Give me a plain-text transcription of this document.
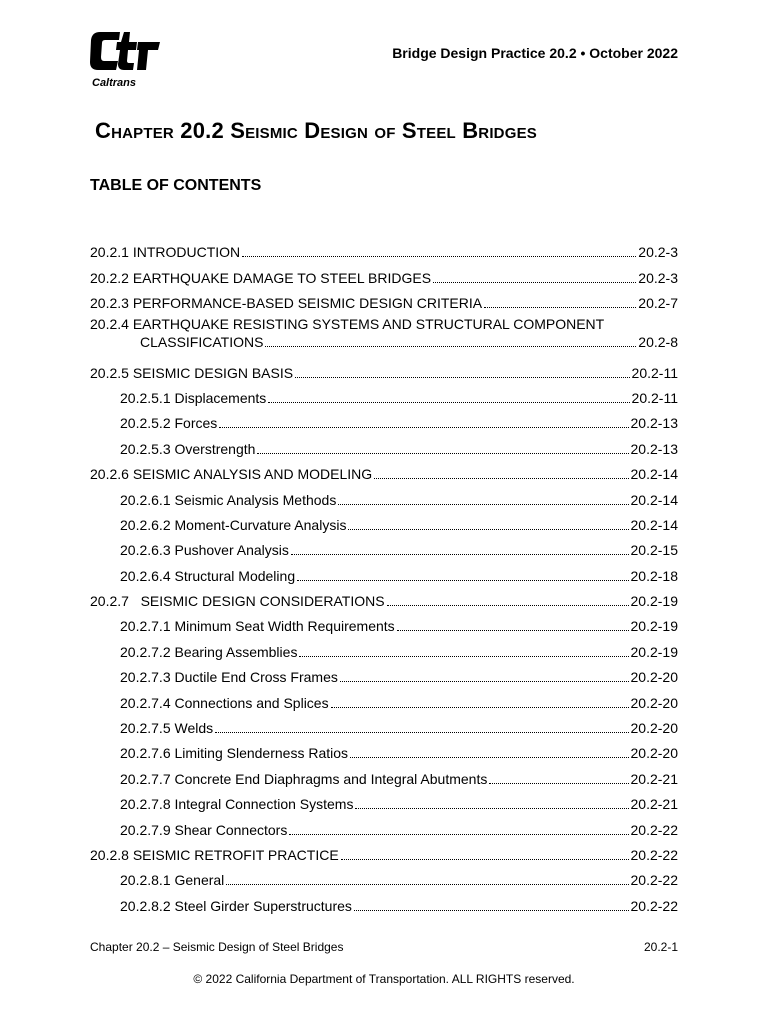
Caltrans
Bridge Design Practice 20.2 • October 2022
Chapter 20.2 Seismic Design of Steel Bridges
TABLE OF CONTENTS
20.2.1 INTRODUCTION	20.2-3
20.2.2 EARTHQUAKE DAMAGE TO STEEL BRIDGES	20.2-3
20.2.3 PERFORMANCE-BASED SEISMIC DESIGN CRITERIA	20.2-7
20.2.4 EARTHQUAKE RESISTING SYSTEMS AND STRUCTURAL COMPONENT
CLASSIFICATIONS	20.2-8
20.2.5 SEISMIC DESIGN BASIS	20.2-11
20.2.5.1 Displacements	20.2-11
20.2.5.2 Forces	20.2-13
20.2.5.3 Overstrength	20.2-13
20.2.6 SEISMIC ANALYSIS AND MODELING	20.2-14
20.2.6.1 Seismic Analysis Methods	20.2-14
20.2.6.2 Moment-Curvature Analysis	20.2-14
20.2.6.3 Pushover Analysis	20.2-15
20.2.6.4 Structural Modeling	20.2-18
20.2.7   SEISMIC DESIGN CONSIDERATIONS	20.2-19
20.2.7.1 Minimum Seat Width Requirements	20.2-19
20.2.7.2 Bearing Assemblies	20.2-19
20.2.7.3 Ductile End Cross Frames	20.2-20
20.2.7.4 Connections and Splices	20.2-20
20.2.7.5 Welds	20.2-20
20.2.7.6 Limiting Slenderness Ratios	20.2-20
20.2.7.7 Concrete End Diaphragms and Integral Abutments	20.2-21
20.2.7.8 Integral Connection Systems	20.2-21
20.2.7.9 Shear Connectors	20.2-22
20.2.8 SEISMIC RETROFIT PRACTICE	20.2-22
20.2.8.1 General	20.2-22
20.2.8.2 Steel Girder Superstructures	20.2-22
Chapter 20.2 – Seismic Design of Steel Bridges	20.2-1
© 2022 California Department of Transportation. ALL RIGHTS reserved.
